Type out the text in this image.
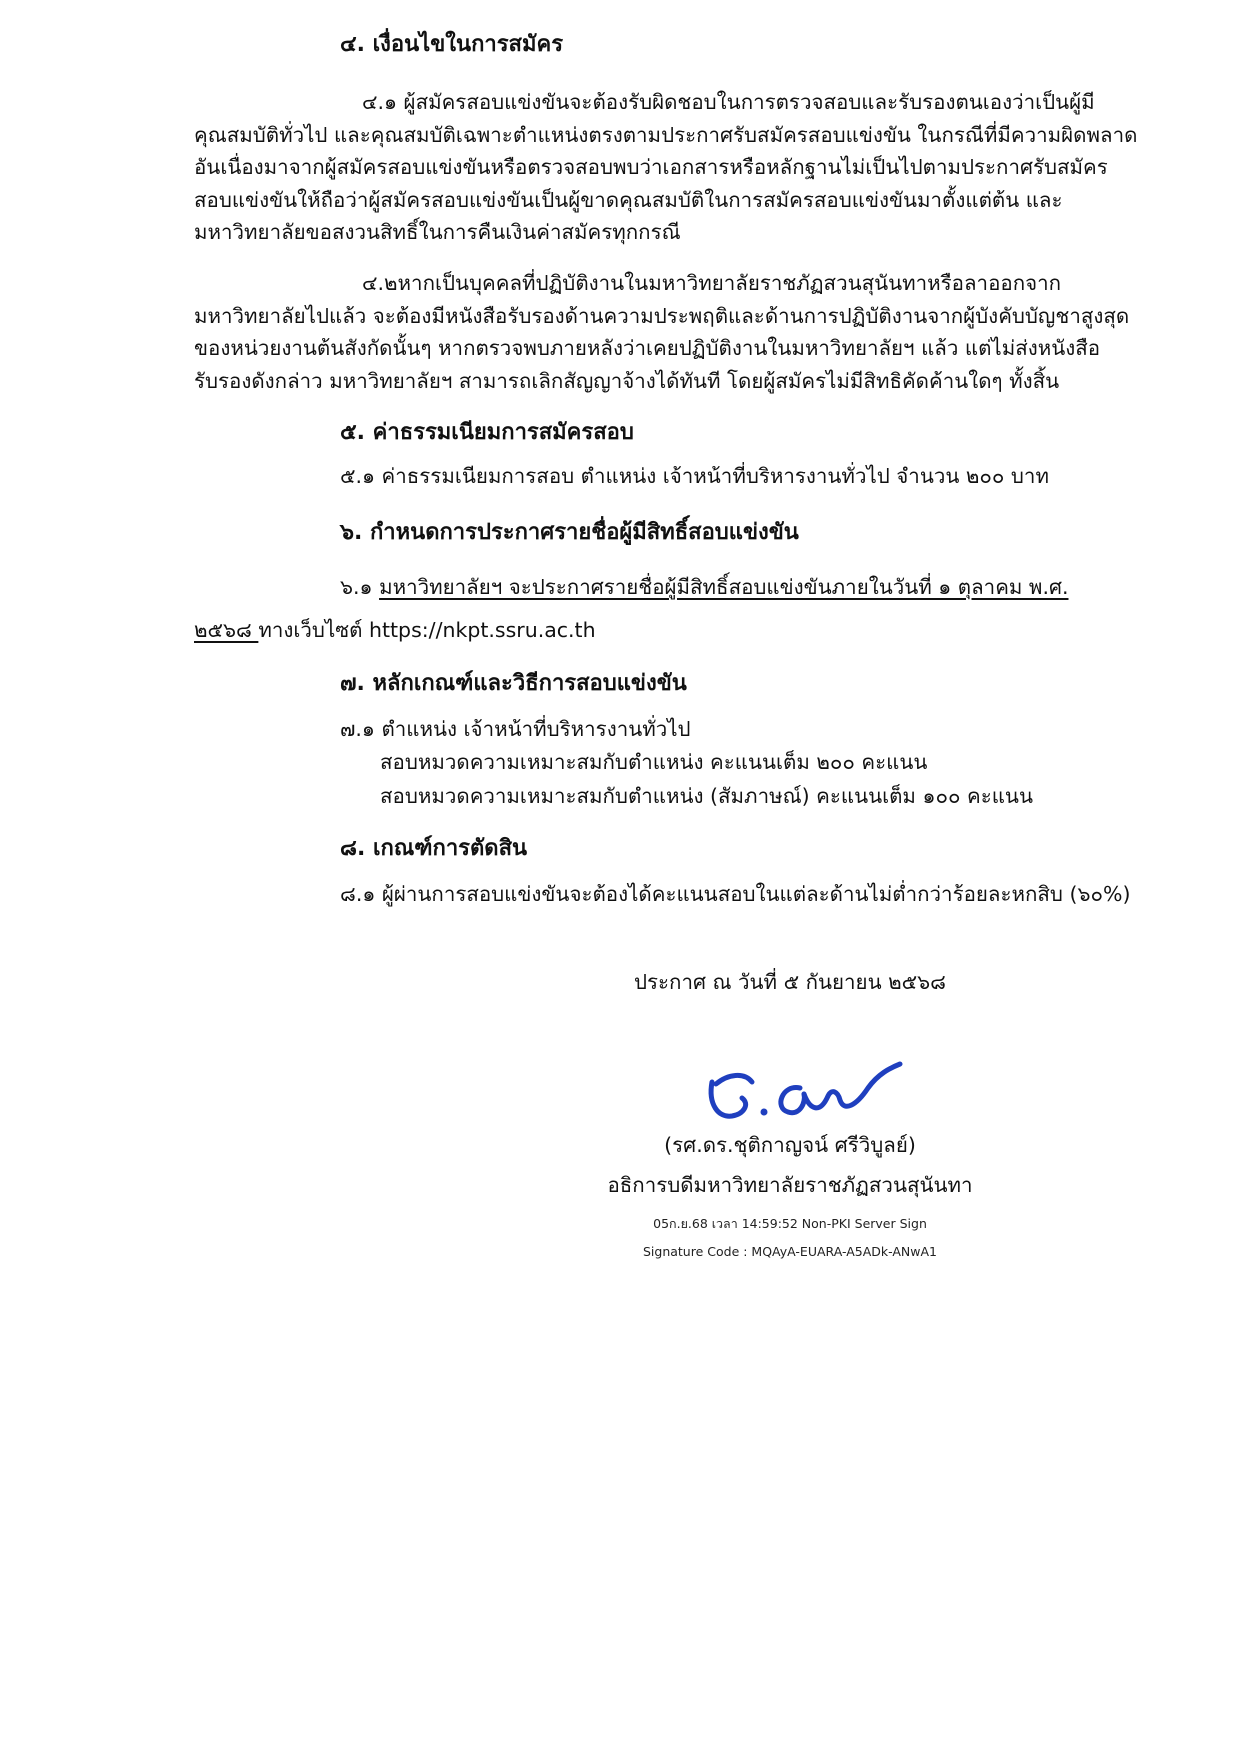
๔. เงื่อนไขในการสมัคร
๔.๑ ผู้สมัครสอบแข่งขันจะต้องรับผิดชอบในการตรวจสอบและรับรองตนเองว่าเป็นผู้มี
คุณสมบัติทั่วไป และคุณสมบัติเฉพาะตำแหน่งตรงตามประกาศรับสมัครสอบแข่งขัน ในกรณีที่มีความผิดพลาด
อันเนื่องมาจากผู้สมัครสอบแข่งขันหรือตรวจสอบพบว่าเอกสารหรือหลักฐานไม่เป็นไปตามประกาศรับสมัคร
สอบแข่งขันให้ถือว่าผู้สมัครสอบแข่งขันเป็นผู้ขาดคุณสมบัติในการสมัครสอบแข่งขันมาตั้งแต่ต้น และ
มหาวิทยาลัยขอสงวนสิทธิ์ในการคืนเงินค่าสมัครทุกกรณี
๔.๒หากเป็นบุคคลที่ปฏิบัติงานในมหาวิทยาลัยราชภัฏสวนสุนันทาหรือลาออกจาก
มหาวิทยาลัยไปแล้ว จะต้องมีหนังสือรับรองด้านความประพฤติและด้านการปฏิบัติงานจากผู้บังคับบัญชาสูงสุด
ของหน่วยงานต้นสังกัดนั้นๆ หากตรวจพบภายหลังว่าเคยปฏิบัติงานในมหาวิทยาลัยฯ แล้ว แต่ไม่ส่งหนังสือ
รับรองดังกล่าว มหาวิทยาลัยฯ สามารถเลิกสัญญาจ้างได้ทันที โดยผู้สมัครไม่มีสิทธิคัดค้านใดๆ ทั้งสิ้น
๕. ค่าธรรมเนียมการสมัครสอบ
๕.๑ ค่าธรรมเนียมการสอบ ตำแหน่ง เจ้าหน้าที่บริหารงานทั่วไป จำนวน ๒๐๐ บาท
๖. กำหนดการประกาศรายชื่อผู้มีสิทธิ์สอบแข่งขัน
๖.๑ มหาวิทยาลัยฯ จะประกาศรายชื่อผู้มีสิทธิ์สอบแข่งขันภายในวันที่ ๑ ตุลาคม พ.ศ.
๒๕๖๘ ทางเว็บไซต์ https://nkpt.ssru.ac.th
๗. หลักเกณฑ์และวิธีการสอบแข่งขัน
๗.๑ ตำแหน่ง เจ้าหน้าที่บริหารงานทั่วไป
สอบหมวดความเหมาะสมกับตำแหน่ง คะแนนเต็ม ๒๐๐ คะแนน
สอบหมวดความเหมาะสมกับตำแหน่ง (สัมภาษณ์) คะแนนเต็ม ๑๐๐ คะแนน
๘. เกณฑ์การตัดสิน
๘.๑ ผู้ผ่านการสอบแข่งขันจะต้องได้คะแนนสอบในแต่ละด้านไม่ต่ำกว่าร้อยละหกสิบ (๖๐%)
ประกาศ ณ วันที่ ๕ กันยายน ๒๕๖๘
(รศ.ดร.ชุติกาญจน์ ศรีวิบูลย์)
อธิการบดีมหาวิทยาลัยราชภัฏสวนสุนันทา
05ก.ย.68 เวลา 14:59:52 Non-PKI Server Sign
Signature Code : MQAyA-EUARA-A5ADk-ANwA1
